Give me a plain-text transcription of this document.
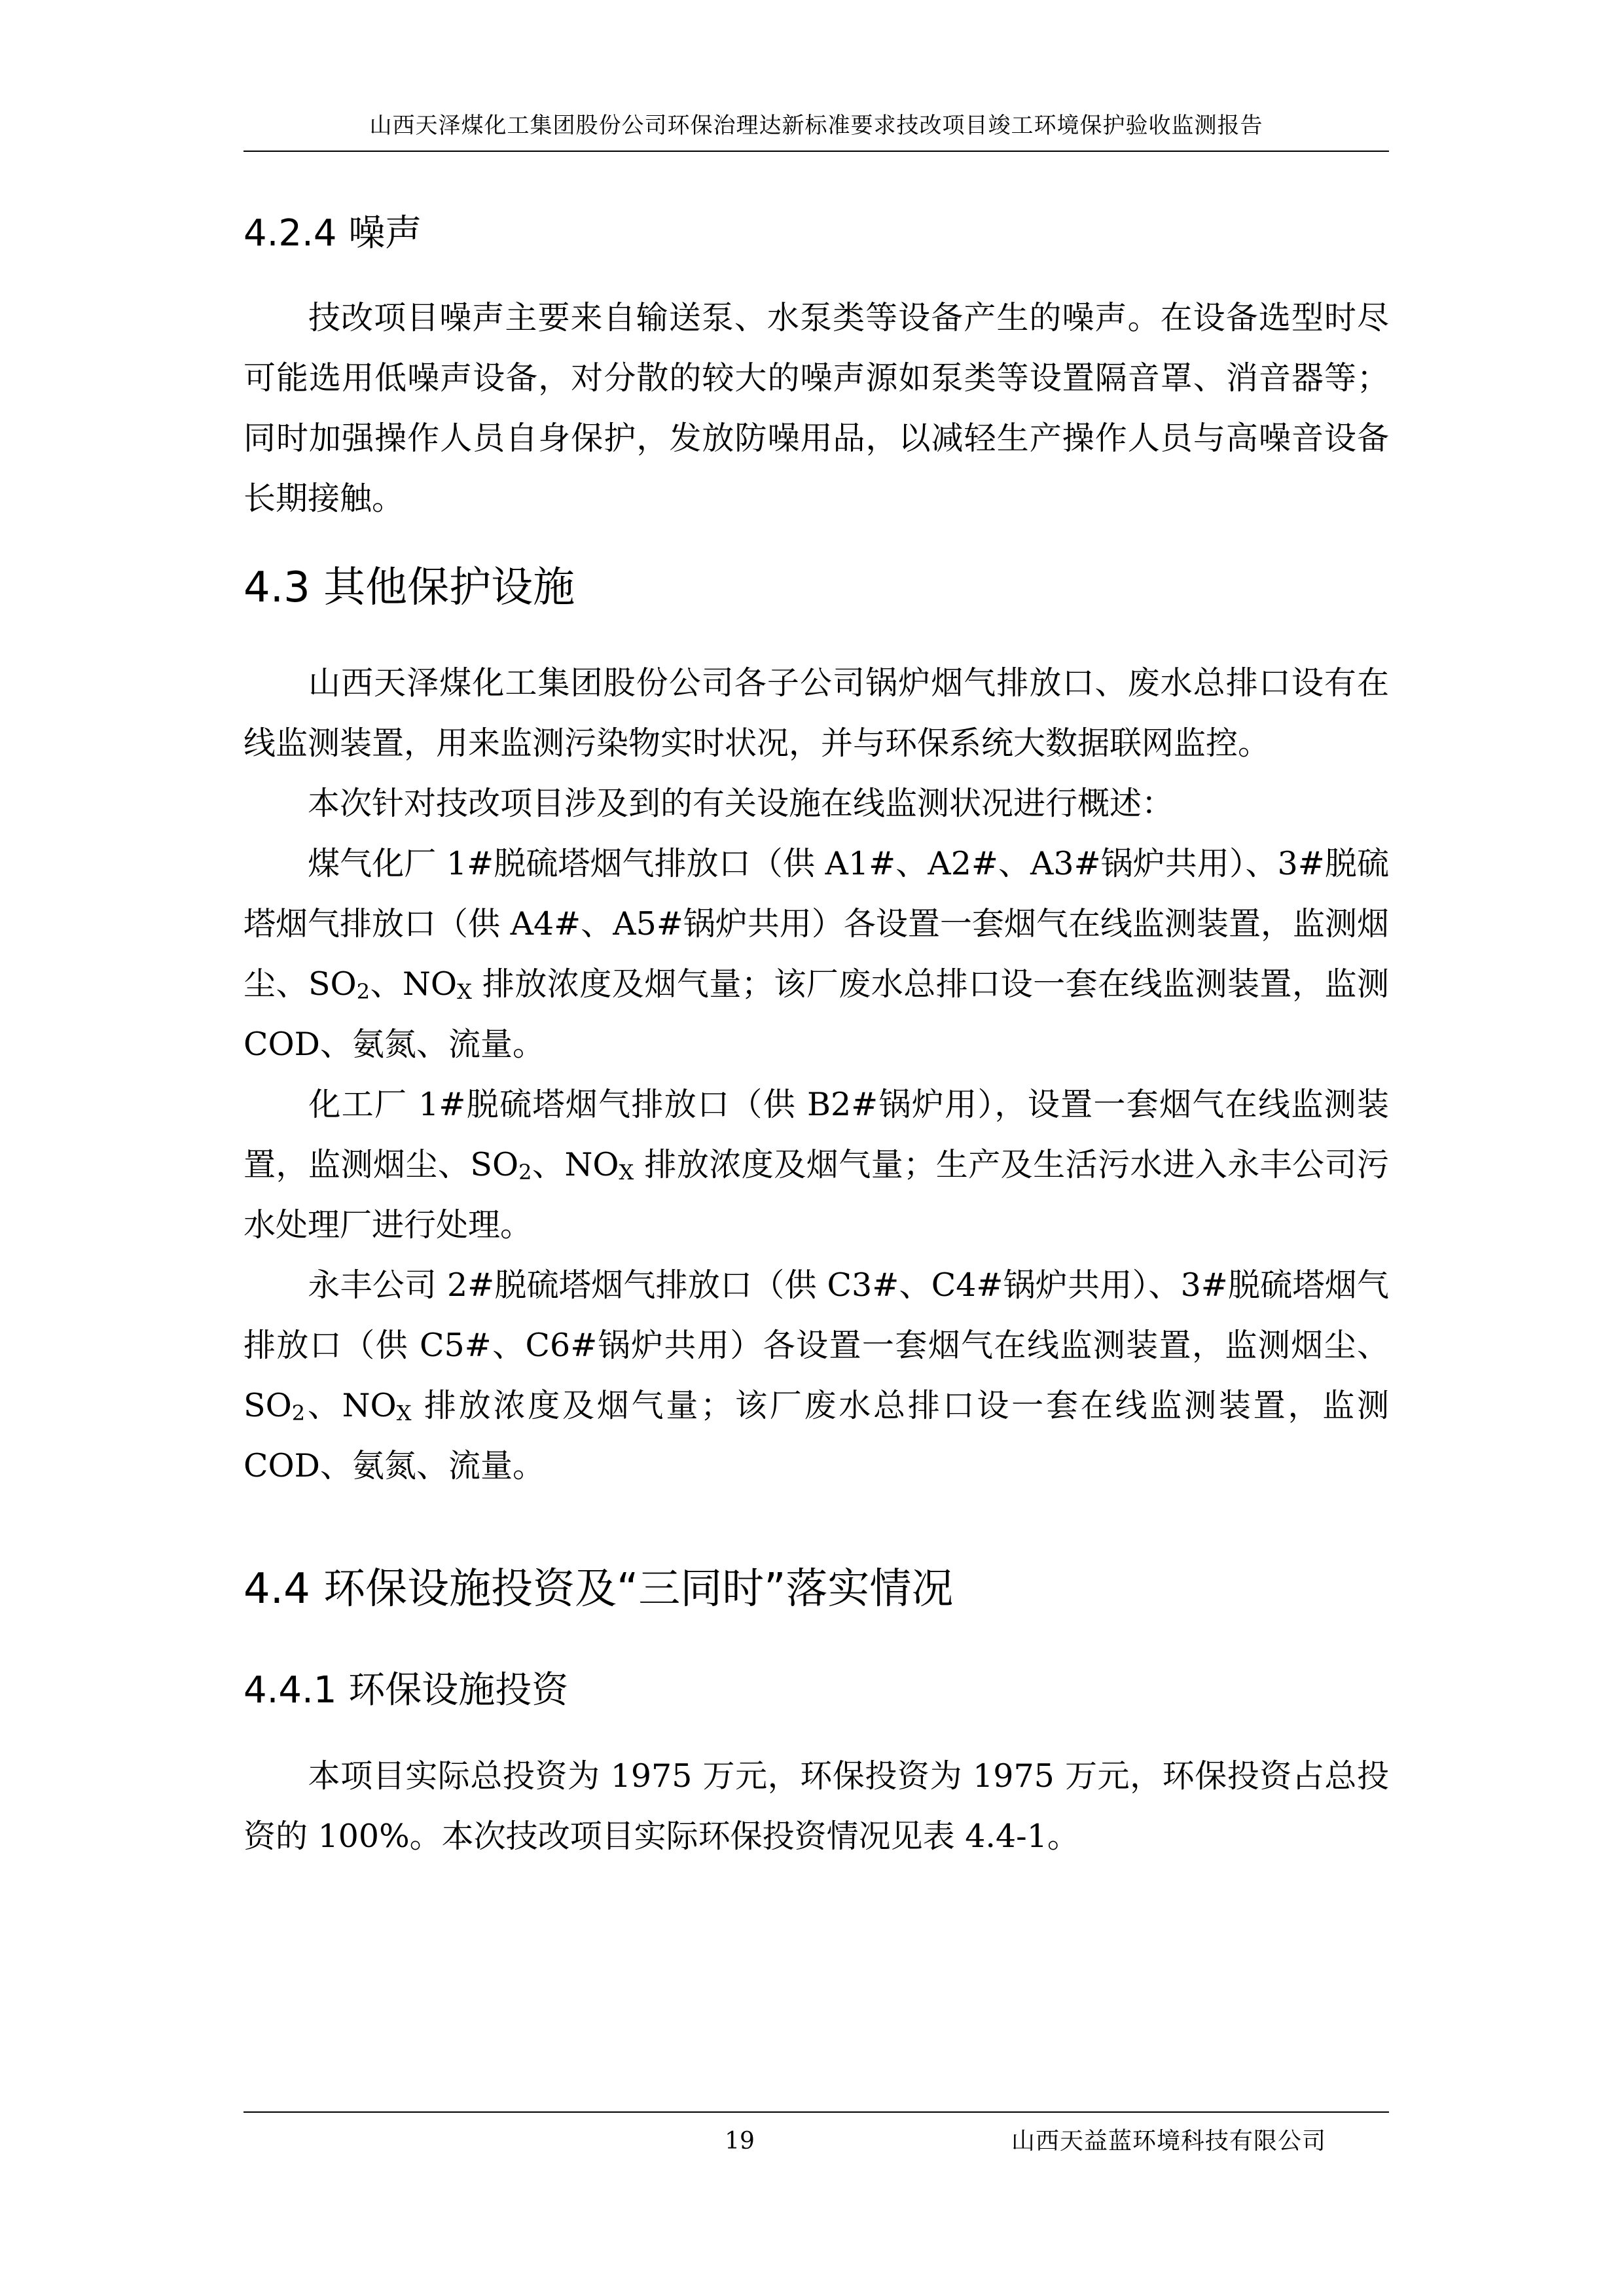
山西天泽煤化工集团股份公司环保治理达新标准要求技改项目竣工环境保护验收监测报告
4.2.4 噪声
技改项目噪声主要来自输送泵、水泵类等设备产生的噪声。在设备选型时尽可能选用低噪声设备，对分散的较大的噪声源如泵类等设置隔音罩、消音器等；同时加强操作人员自身保护，发放防噪用品，以减轻生产操作人员与高噪音设备长期接触。
4.3 其他保护设施
山西天泽煤化工集团股份公司各子公司锅炉烟气排放口、废水总排口设有在线监测装置，用来监测污染物实时状况，并与环保系统大数据联网监控。
本次针对技改项目涉及到的有关设施在线监测状况进行概述：
煤气化厂 1#脱硫塔烟气排放口（供 A1#、A2#、A3#锅炉共用）、3#脱硫塔烟气排放口（供 A4#、A5#锅炉共用）各设置一套烟气在线监测装置，监测烟尘、$SO_2$、$NO_X$ 排放浓度及烟气量；该厂废水总排口设一套在线监测装置，监测 COD、氨氮、流量。
化工厂 1#脱硫塔烟气排放口（供 B2#锅炉用），设置一套烟气在线监测装置，监测烟尘、$SO_2$、$NO_X$ 排放浓度及烟气量；生产及生活污水进入永丰公司污水处理厂进行处理。
永丰公司 2#脱硫塔烟气排放口（供 C3#、C4#锅炉共用）、3#脱硫塔烟气排放口（供 C5#、C6#锅炉共用）各设置一套烟气在线监测装置，监测烟尘、$SO_2$、$NO_X$ 排放浓度及烟气量；该厂废水总排口设一套在线监测装置，监测 COD、氨氮、流量。
4.4 环保设施投资及“三同时”落实情况
4.4.1 环保设施投资
本项目实际总投资为 1975 万元，环保投资为 1975 万元，环保投资占总投资的 100%。本次技改项目实际环保投资情况见表 4.4-1。
19	山西天益蓝环境科技有限公司
